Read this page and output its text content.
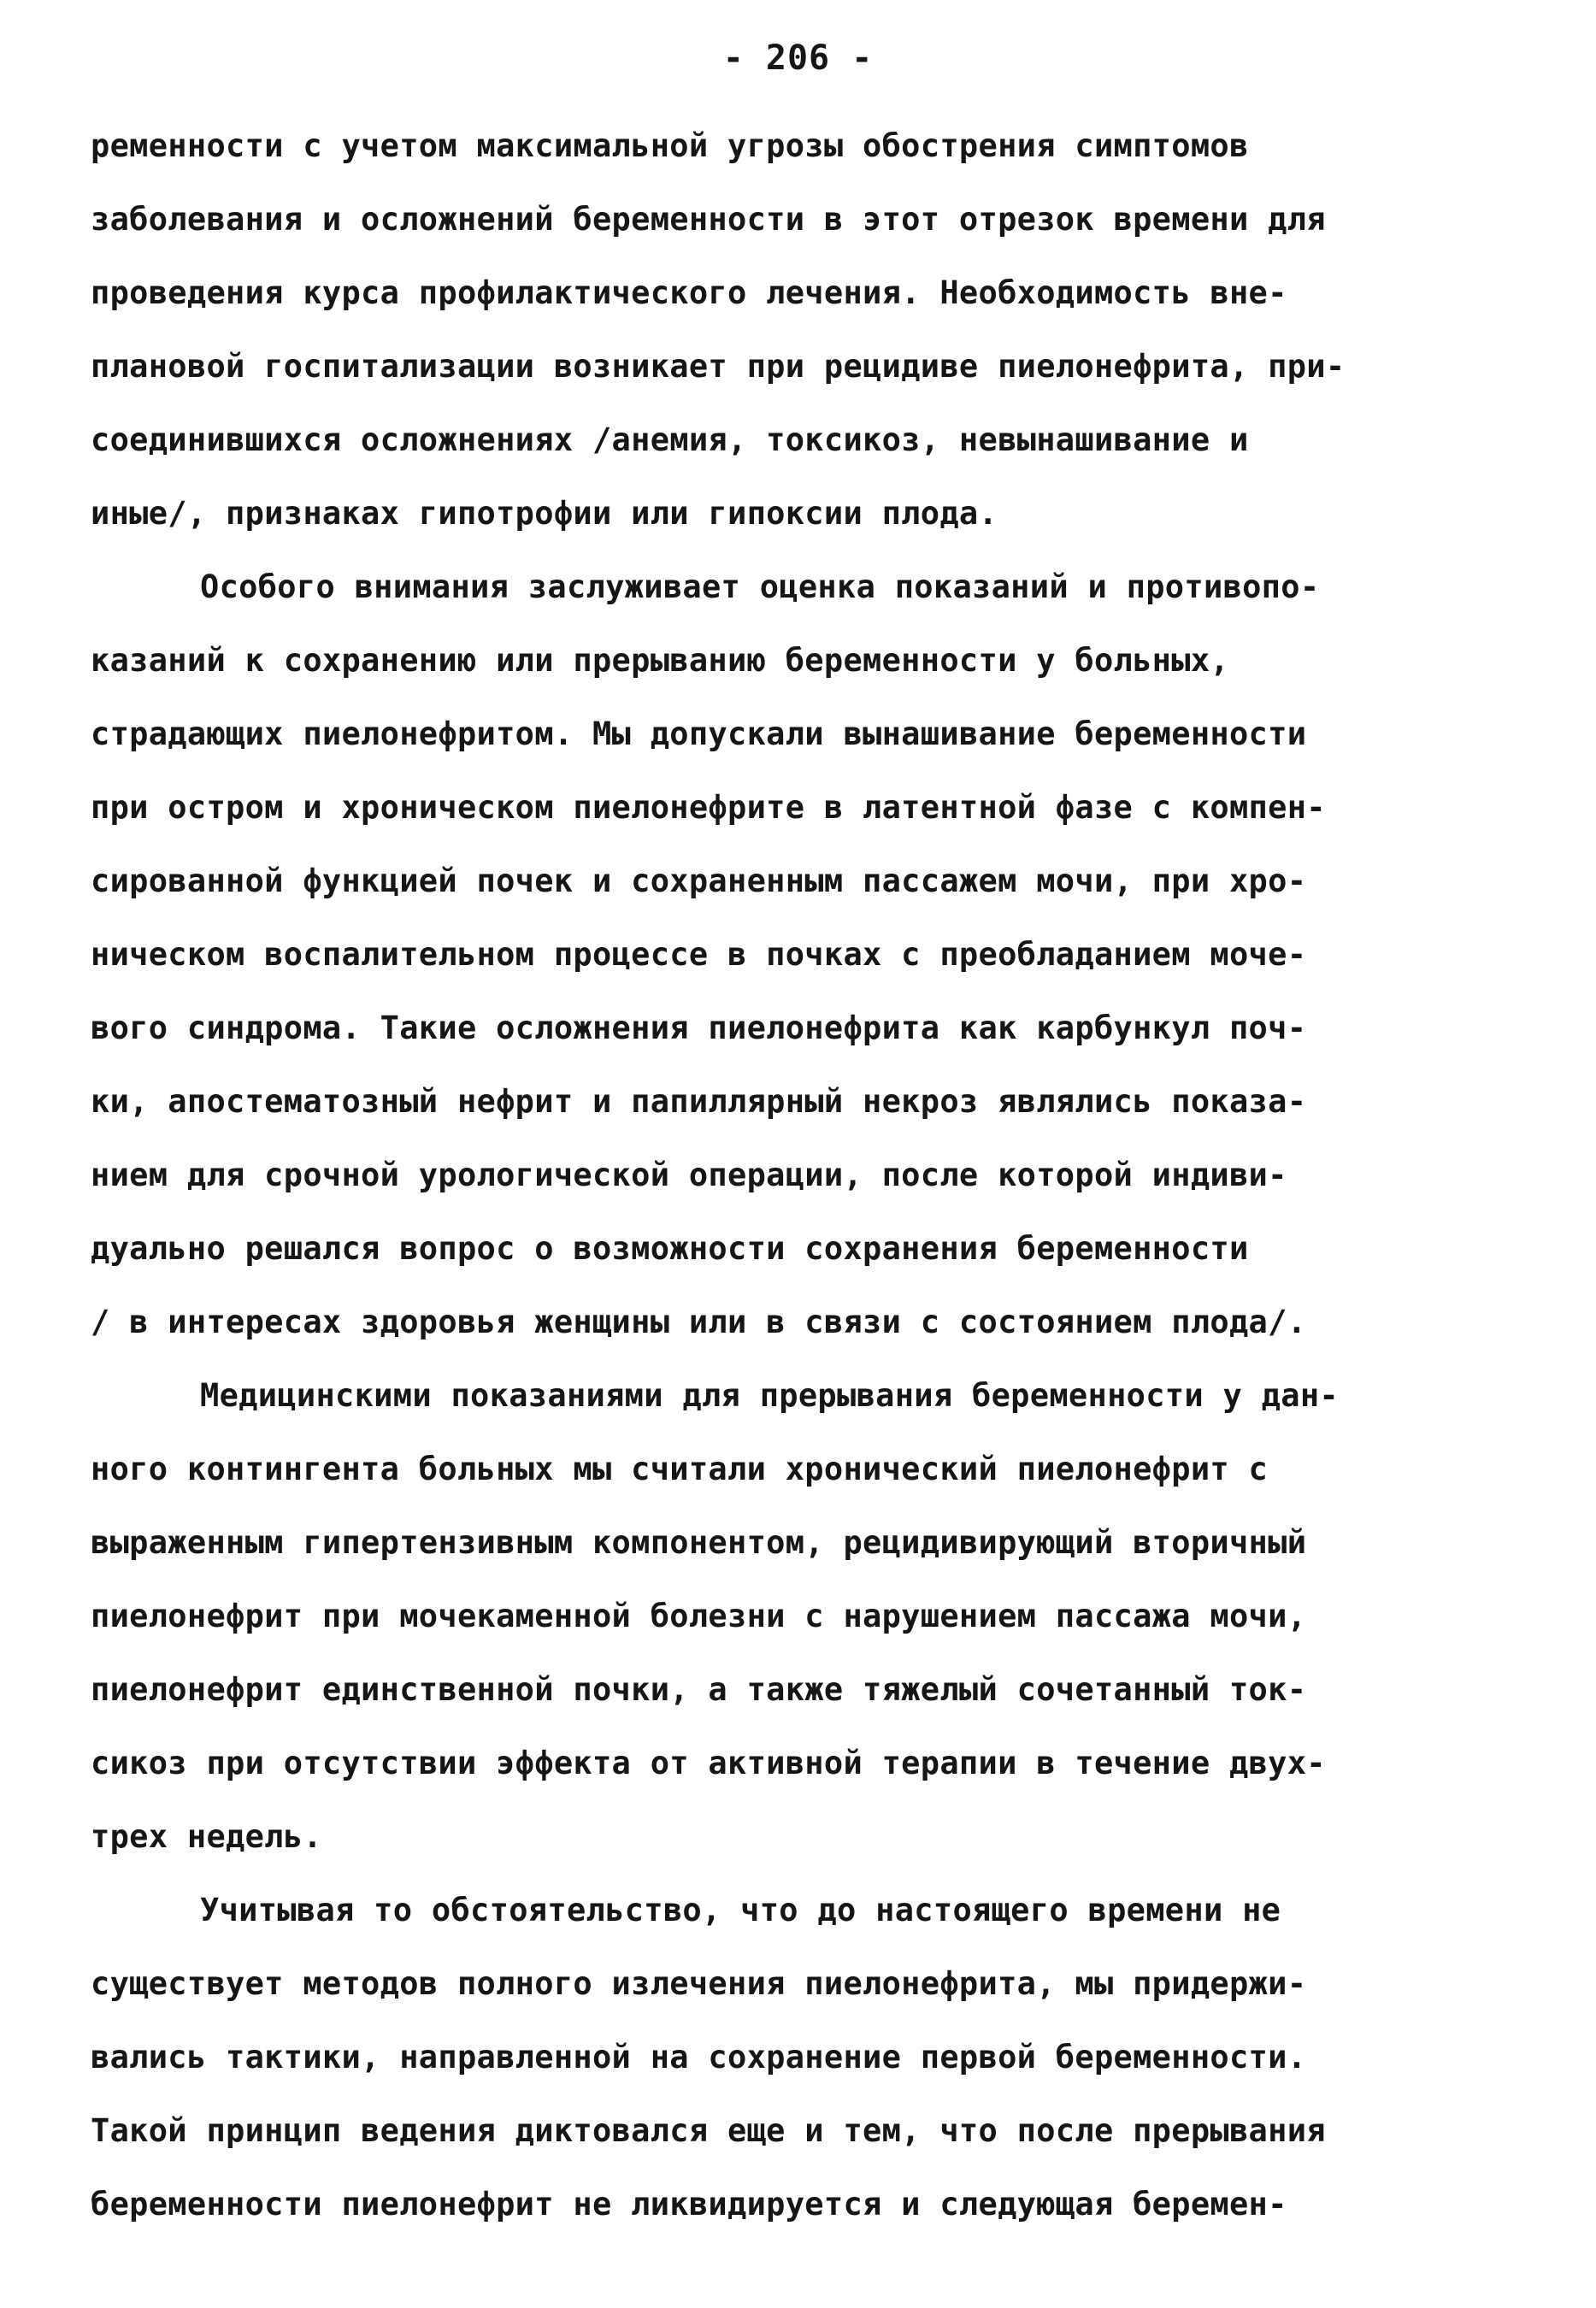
- 206 -
ременности с учетом максимальной угрозы обострения симптомов
заболевания и осложнений беременности в этот отрезок времени для
проведения курса профилактического лечения. Необходимость вне-
плановой госпитализации возникает при рецидиве пиелонефрита, при-
соединившихся осложнениях /анемия, токсикоз, невынашивание и
иные/, признаках гипотрофии или гипоксии плода.
Особого внимания заслуживает оценка показаний и противопо-
казаний к сохранению или прерыванию беременности у больных,
страдающих пиелонефритом. Мы допускали вынашивание беременности
при остром и хроническом пиелонефрите в латентной фазе с компен-
сированной функцией почек и сохраненным пассажем мочи, при хро-
ническом воспалительном процессе в почках с преобладанием моче-
вого синдрома. Такие осложнения пиелонефрита как карбункул поч-
ки, апостематозный нефрит и папиллярный некроз являлись показа-
нием для срочной урологической операции, после которой индиви-
дуально решался вопрос о возможности сохранения беременности
/ в интересах здоровья женщины или в связи с состоянием плода/.
Медицинскими показаниями для прерывания беременности у дан-
ного контингента больных мы считали хронический пиелонефрит с
выраженным гипертензивным компонентом, рецидивирующий вторичный
пиелонефрит при мочекаменной болезни с нарушением пассажа мочи,
пиелонефрит единственной почки, а также тяжелый сочетанный ток-
сикоз при отсутствии эффекта от активной терапии в течение двух-
трех недель.
Учитывая то обстоятельство, что до настоящего времени не
существует методов полного излечения пиелонефрита, мы придержи-
вались тактики, направленной на сохранение первой беременности.
Такой принцип ведения диктовался еще и тем, что после прерывания
беременности пиелонефрит не ликвидируется и следующая беремен-
